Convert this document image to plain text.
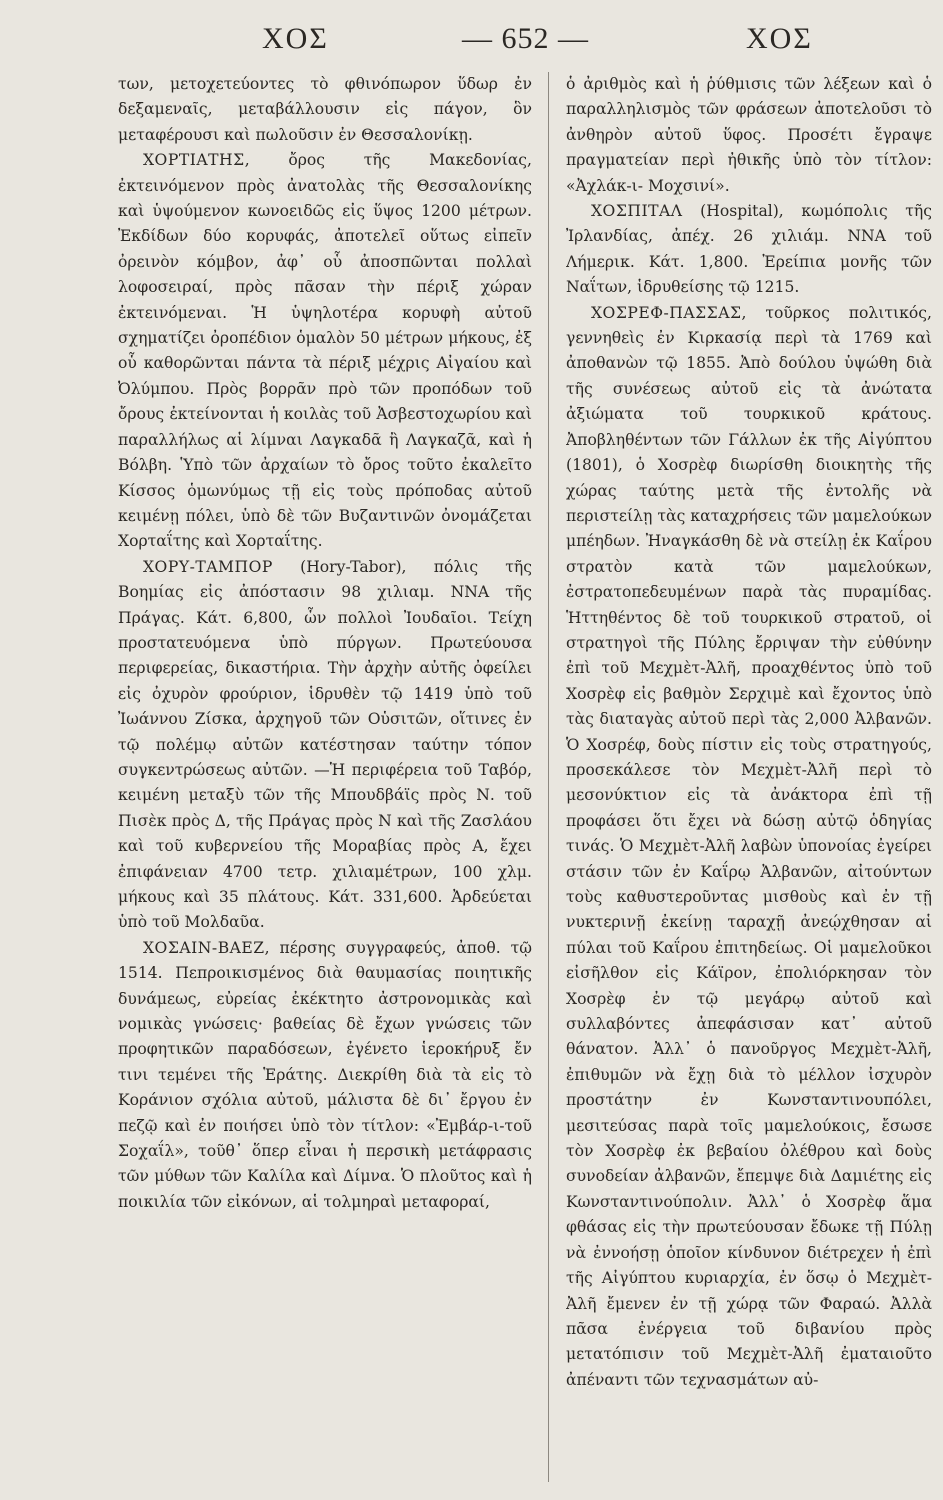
ΧΟΣ	— 652 —	ΧΟΣ

των, μετοχετεύοντες τὸ φθινόπωρον ὕδωρ ἐν δεξαμεναῖς, μεταβάλλουσιν εἰς πάγον, ὃν μεταφέρουσι καὶ πωλοῦσιν ἐν Θεσσαλονίκῃ.

ΧΟΡΤΙΑΤΗΣ, ὄρος τῆς Μακεδονίας, ἐκτεινόμενον πρὸς ἀνατολὰς τῆς Θεσσαλονίκης καὶ ὑψούμενον κωνοειδῶς εἰς ὕψος 1200 μέτρων. Ἐκδίδων δύο κορυφάς, ἀποτελεῖ οὕτως εἰπεῖν ὀρεινὸν κόμβον, ἀφ᾽ οὗ ἀποσπῶνται πολλαὶ λοφοσειραί, πρὸς πᾶσαν τὴν πέριξ χώραν ἐκτεινόμεναι. Ἡ ὑψηλοτέρα κορυφὴ αὐτοῦ σχηματίζει ὀροπέδιον ὁμαλὸν 50 μέτρων μήκους, ἐξ οὗ καθορῶνται πάντα τὰ πέριξ μέχρις Αἰγαίου καὶ Ὀλύμπου. Πρὸς βορρᾶν πρὸ τῶν προπόδων τοῦ ὄρους ἐκτείνονται ἡ κοιλὰς τοῦ Ἀσβεστοχωρίου καὶ παραλλήλως αἱ λίμναι Λαγκαδᾶ ἢ Λαγκαζᾶ, καὶ ἡ Βόλβη. Ὑπὸ τῶν ἀρχαίων τὸ ὄρος τοῦτο ἐκαλεῖτο Κίσσος ὁμωνύμως τῇ εἰς τοὺς πρόποδας αὐτοῦ κειμένῃ πόλει, ὑπὸ δὲ τῶν Βυζαντινῶν ὀνομάζεται Χορταΐτης καὶ Χορταΐτης.

ΧΟΡΥ-ΤΑΜΠΟΡ (Hory-Tabor), πόλις τῆς Βοημίας εἰς ἀπόστασιν 98 χιλιαμ. ΝΝΑ τῆς Πράγας. Κάτ. 6,800, ὧν πολλοὶ Ἰουδαῖοι. Τείχη προστατευόμενα ὑπὸ πύργων. Πρωτεύουσα περιφερείας, δικαστήρια. Τὴν ἀρχὴν αὐτῆς ὀφείλει εἰς ὀχυρὸν φρούριον, ἱδρυθὲν τῷ 1419 ὑπὸ τοῦ Ἰωάννου Ζίσκα, ἀρχηγοῦ τῶν Οὑσιτῶν, οἵτινες ἐν τῷ πολέμῳ αὐτῶν κατέστησαν ταύτην τόπον συγκεντρώσεως αὐτῶν. —Ἡ περιφέρεια τοῦ Ταβόρ, κειμένη μεταξὺ τῶν τῆς Μπουδβάϊς πρὸς Ν. τοῦ Πισὲκ πρὸς Δ, τῆς Πράγας πρὸς Ν καὶ τῆς Ζασλάου καὶ τοῦ κυβερνείου τῆς Μοραβίας πρὸς Α, ἔχει ἐπιφάνειαν 4700 τετρ. χιλιαμέτρων, 100 χλμ. μήκους καὶ 35 πλάτους. Κάτ. 331,600. Ἀρδεύεται ὑπὸ τοῦ Μολδαῦα.

ΧΟΣΑΙΝ-ΒΑΕΖ, πέρσης συγγραφεύς, ἀποθ. τῷ 1514. Πεπροικισμένος διὰ θαυμασίας ποιητικῆς δυνάμεως, εὐρείας ἐκέκτητο ἀστρονομικὰς καὶ νομικὰς γνώσεις· βαθείας δὲ ἔχων γνώσεις τῶν προφητικῶν παραδόσεων, ἐγένετο ἱεροκήρυξ ἔν τινι τεμένει τῆς Ἑράτης. Διεκρίθη διὰ τὰ εἰς τὸ Κοράνιον σχόλια αὐτοῦ, μάλιστα δὲ δι᾽ ἔργου ἐν πεζῷ καὶ ἐν ποιήσει ὑπὸ τὸν τίτλον: «Ἐμβάρ-ι-τοῦ Σοχαΐλ», τοῦθ᾽ ὅπερ εἶναι ἡ περσικὴ μετάφρασις τῶν μύθων τῶν Καλίλα καὶ Δίμνα. Ὁ πλοῦτος καὶ ἡ ποικιλία τῶν εἰκόνων, αἱ τολμηραὶ μεταφοραί,

ὁ ἀριθμὸς καὶ ἡ ῥύθμισις τῶν λέξεων καὶ ὁ παραλληλισμὸς τῶν φράσεων ἀποτελοῦσι τὸ ἀνθηρὸν αὐτοῦ ὕφος. Προσέτι ἔγραψε πραγματείαν περὶ ἠθικῆς ὑπὸ τὸν τίτλον: «Ἀχλάκ-ι- Μοχσινί».

ΧΟΣΠΙΤΑΛ (Hospital), κωμόπολις τῆς Ἰρλανδίας, ἀπέχ. 26 χιλιάμ. ΝΝΑ τοῦ Λήμερικ. Κάτ. 1,800. Ἐρείπια μονῆς τῶν Ναΐτων, ἱδρυθείσης τῷ 1215.

ΧΟΣΡΕΦ-ΠΑΣΣΑΣ, τοῦρκος πολιτικός, γεννηθεὶς ἐν Κιρκασίᾳ περὶ τὰ 1769 καὶ ἀποθανὼν τῷ 1855. Ἀπὸ δούλου ὑψώθη διὰ τῆς συνέσεως αὐτοῦ εἰς τὰ ἀνώτατα ἀξιώματα τοῦ τουρκικοῦ κράτους. Ἀποβληθέντων τῶν Γάλλων ἐκ τῆς Αἰγύπτου (1801), ὁ Χοσρὲφ διωρίσθη διοικητὴς τῆς χώρας ταύτης μετὰ τῆς ἐντολῆς νὰ περιστείλῃ τὰς καταχρήσεις τῶν μαμελούκων μπέηδων. Ἠναγκάσθη δὲ νὰ στείλῃ ἐκ Καΐρου στρατὸν κατὰ τῶν μαμελούκων, ἐστρατοπεδευμένων παρὰ τὰς πυραμίδας. Ἡττηθέντος δὲ τοῦ τουρκικοῦ στρατοῦ, οἱ στρατηγοὶ τῆς Πύλης ἔρριψαν τὴν εὐθύνην ἐπὶ τοῦ Μεχμὲτ-Ἀλῆ, προαχθέντος ὑπὸ τοῦ Χοσρὲφ εἰς βαθμὸν Σερχιμὲ καὶ ἔχοντος ὑπὸ τὰς διαταγὰς αὐτοῦ περὶ τὰς 2,000 Ἀλβανῶν. Ὁ Χοσρέφ, δοὺς πίστιν εἰς τοὺς στρατηγούς, προσεκάλεσε τὸν Μεχμὲτ-Ἀλῆ περὶ τὸ μεσονύκτιον εἰς τὰ ἀνάκτορα ἐπὶ τῇ προφάσει ὅτι ἔχει νὰ δώσῃ αὐτῷ ὁδηγίας τινάς. Ὁ Μεχμὲτ-Ἀλῆ λαβὼν ὑπονοίας ἐγείρει στάσιν τῶν ἐν Καΐρῳ Ἀλβανῶν, αἰτούντων τοὺς καθυστεροῦντας μισθοὺς καὶ ἐν τῇ νυκτερινῇ ἐκείνῃ ταραχῇ ἀνεῴχθησαν αἱ πύλαι τοῦ Καΐρου ἐπιτηδείως. Οἱ μαμελοῦκοι εἰσῆλθον εἰς Κάϊρον, ἐπολιόρκησαν τὸν Χοσρὲφ ἐν τῷ μεγάρῳ αὐτοῦ καὶ συλλαβόντες ἀπεφάσισαν κατ᾽ αὐτοῦ θάνατον. Ἀλλ᾽ ὁ πανοῦργος Μεχμὲτ-Ἀλῆ, ἐπιθυμῶν νὰ ἔχῃ διὰ τὸ μέλλον ἰσχυρὸν προστάτην ἐν Κωνσταντινουπόλει, μεσιτεύσας παρὰ τοῖς μαμελούκοις, ἔσωσε τὸν Χοσρὲφ ἐκ βεβαίου ὀλέθρου καὶ δοὺς συνοδείαν ἀλβανῶν, ἔπεμψε διὰ Δαμιέτης εἰς Κωνσταντινούπολιν. Ἀλλ᾽ ὁ Χοσρὲφ ἅμα φθάσας εἰς τὴν πρωτεύουσαν ἔδωκε τῇ Πύλῃ νὰ ἐννοήσῃ ὁποῖον κίνδυνον διέτρεχεν ἡ ἐπὶ τῆς Αἰγύπτου κυριαρχία, ἐν ὅσῳ ὁ Μεχμὲτ-Ἀλῆ ἔμενεν ἐν τῇ χώρᾳ τῶν Φαραώ. Ἀλλὰ πᾶσα ἐνέργεια τοῦ διβανίου πρὸς μετατόπισιν τοῦ Μεχμὲτ-Ἀλῆ ἐματαιοῦτο ἀπέναντι τῶν τεχνασμάτων αὐ-
